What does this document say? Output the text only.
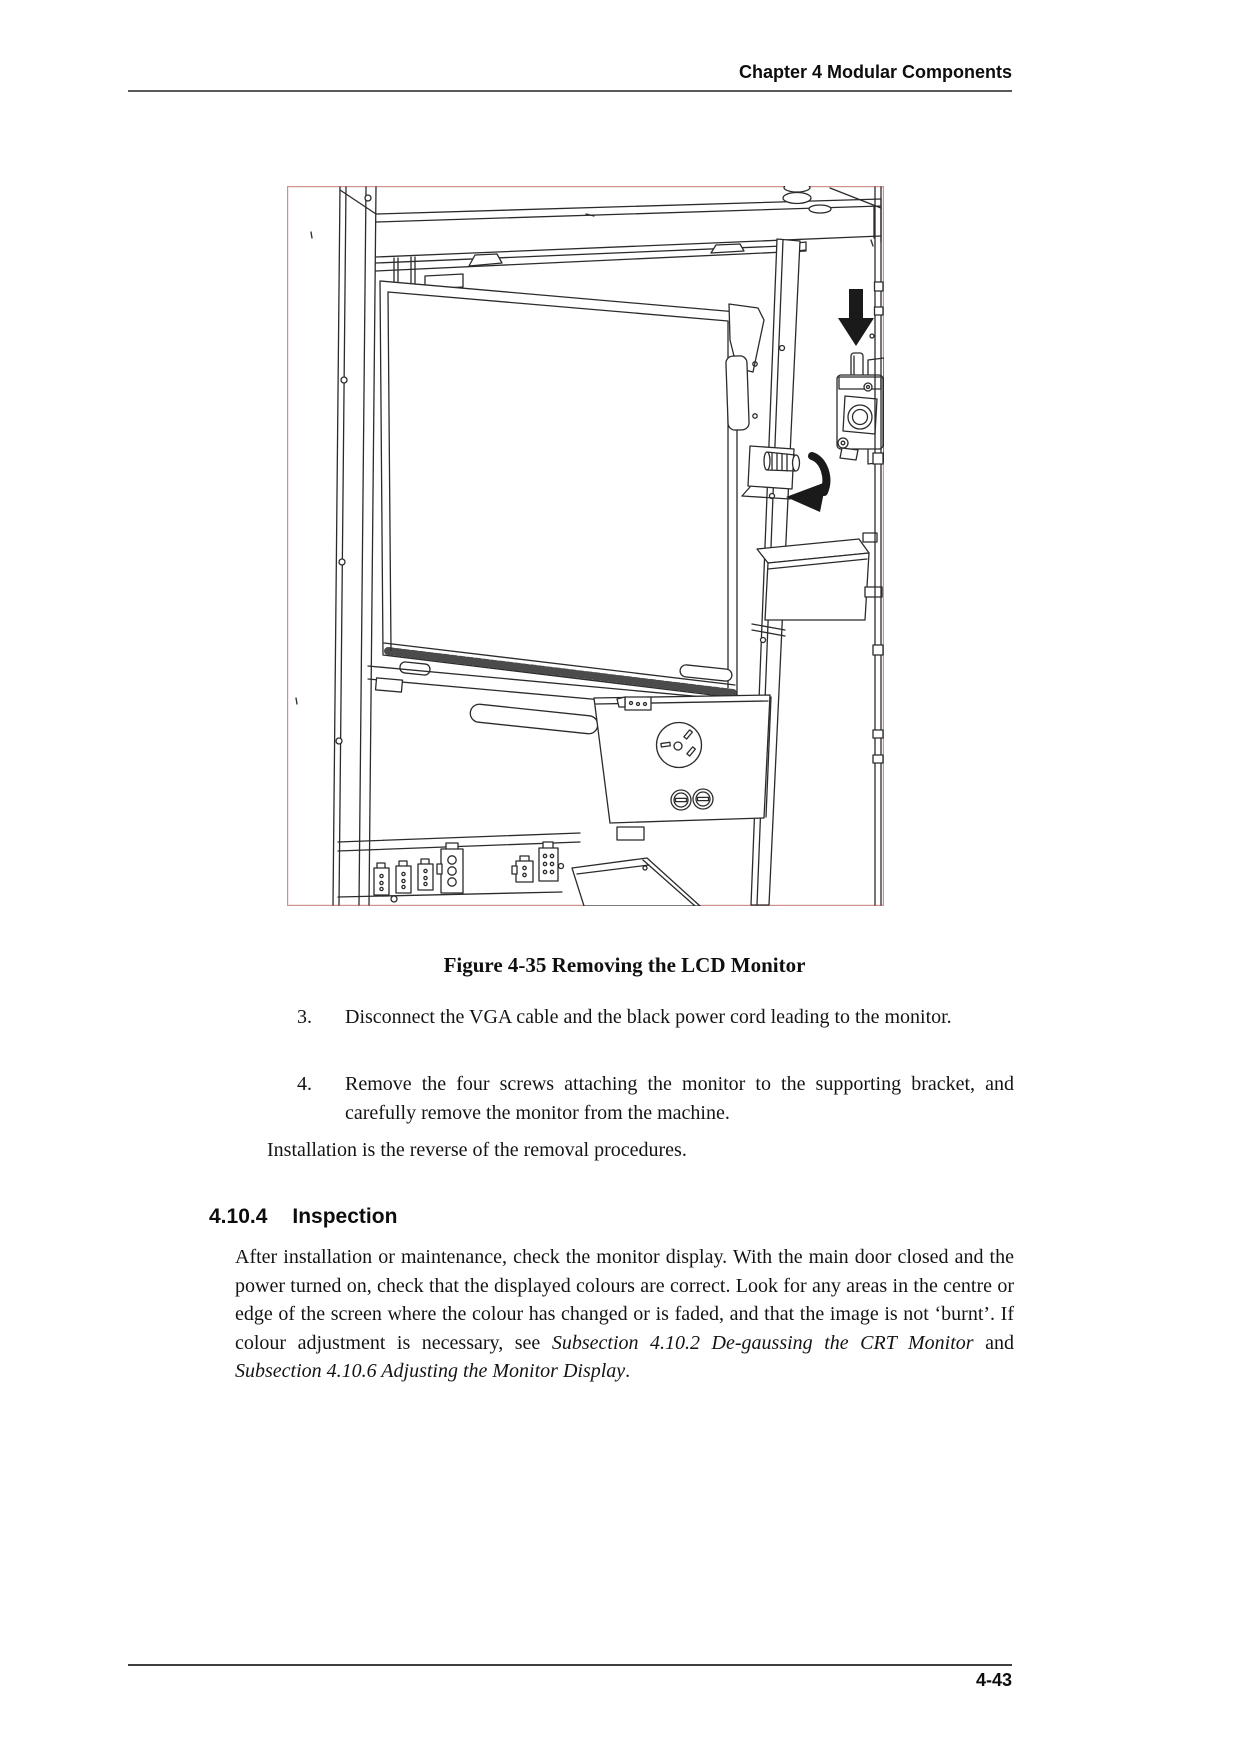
Chapter 4 Modular Components
Figure 4-35 Removing the LCD Monitor
3. Disconnect the VGA cable and the black power cord leading to the monitor.
4. Remove the four screws attaching the monitor to the supporting bracket, and carefully remove the monitor from the machine.
Installation is the reverse of the removal procedures.
4.10.4 Inspection
After installation or maintenance, check the monitor display. With the main door closed and the power turned on, check that the displayed colours are correct. Look for any areas in the centre or edge of the screen where the colour has changed or is faded, and that the image is not ‘burnt’. If colour adjustment is necessary, see Subsection 4.10.2 De-gaussing the CRT Monitor and Subsection 4.10.6 Adjusting the Monitor Display.
4-43
